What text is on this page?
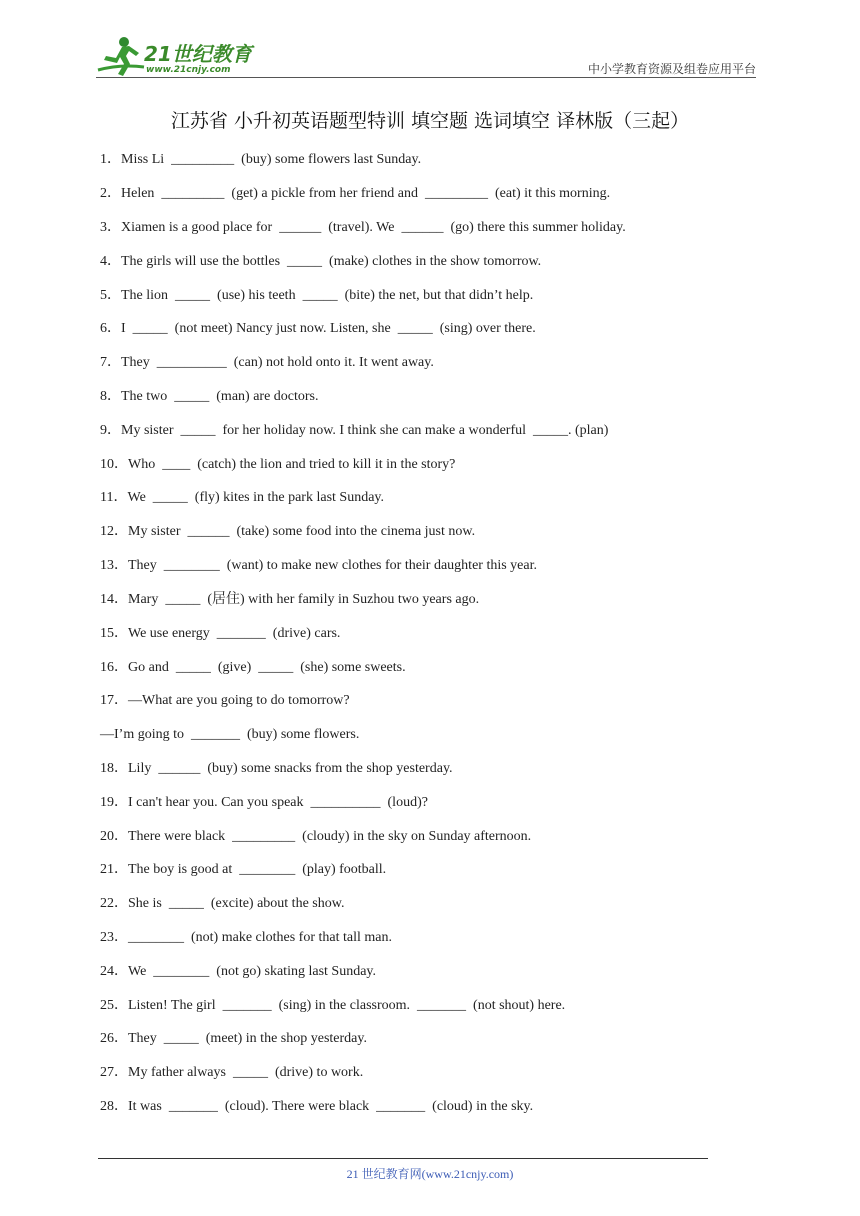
21世纪教育
www.21cnjy.com	中小学教育资源及组卷应用平台
江苏省 小升初英语题型特训 填空题 选词填空 译林版（三起）
1．Miss Li  _________  (buy) some flowers last Sunday.
2．Helen  _________  (get) a pickle from her friend and  _________  (eat) it this morning.
3．Xiamen is a good place for  ______  (travel). We  ______  (go) there this summer holiday.
4．The girls will use the bottles  _____  (make) clothes in the show tomorrow.
5．The lion  _____  (use) his teeth  _____  (bite) the net, but that didn’t help.
6．I  _____  (not meet) Nancy just now. Listen, she  _____  (sing) over there.
7．They  __________  (can) not hold onto it. It went away.
8．The two  _____  (man) are doctors.
9．My sister  _____  for her holiday now. I think she can make a wonderful  _____. (plan)
10．Who  ____  (catch) the lion and tried to kill it in the story?
11．We  _____  (fly) kites in the park last Sunday.
12．My sister  ______  (take) some food into the cinema just now.
13．They  ________  (want) to make new clothes for their daughter this year.
14．Mary  _____  (居住) with her family in Suzhou two years ago.
15．We use energy  _______  (drive) cars.
16．Go and  _____  (give)  _____  (she) some sweets.
17．—What are you going to do tomorrow?
—I’m going to  _______  (buy) some flowers.
18．Lily  ______  (buy) some snacks from the shop yesterday.
19．I can't hear you. Can you speak  __________  (loud)?
20．There were black  _________  (cloudy) in the sky on Sunday afternoon.
21．The boy is good at  ________  (play) football.
22．She is  _____  (excite) about the show.
23．________  (not) make clothes for that tall man.
24．We  ________  (not go) skating last Sunday.
25．Listen! The girl  _______  (sing) in the classroom.  _______  (not shout) here.
26．They  _____  (meet) in the shop yesterday.
27．My father always  _____  (drive) to work.
28．It was  _______  (cloud). There were black  _______  (cloud) in the sky.
21 世纪教育网(www.21cnjy.com)
